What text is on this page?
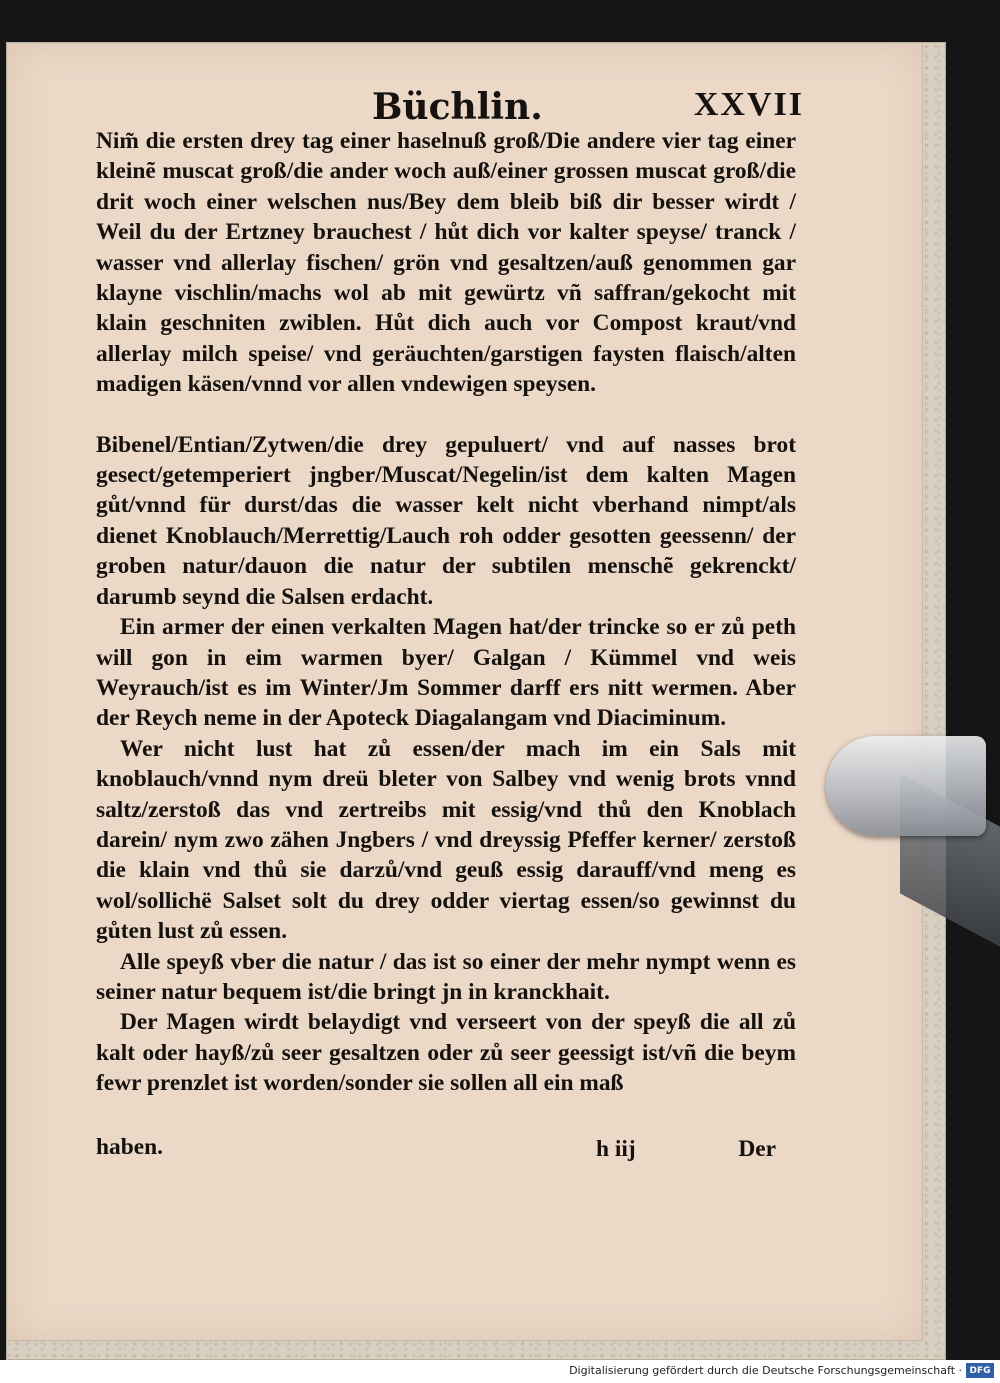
Büchlin.	XXVII

Nim̃ die ersten drey tag einer haselnuß groß/Die andere vier tag einer kleinẽ muscat groß/die ander woch auß/einer grossen muscat groß/die drit woch einer welschen nus/Bey dem bleib biß dir besser wirdt / Weil du der Ertzney brauchest / hůt dich vor kalter speyse/ tranck / wasser vnd allerlay fischen/ grön vnd gesaltzen/auß genommen gar klayne vischlin/machs wol ab mit gewürtz vñ saffran/gekocht mit klain geschniten zwiblen. Hůt dich auch vor Compost kraut/vnd allerlay milch speise/ vnd geräuchten/garstigen faysten flaisch/alten madigen käsen/vnnd vor allen vndewigen speysen.

Bibenel/Entian/Zytwen/die drey gepuluert/ vnd auf nasses brot gesect/getemperiert jngber/Muscat/Negelin/ist dem kalten Magen gůt/vnnd für durst/das die wasser kelt nicht vberhand nimpt/als dienet Knoblauch/Merrettig/Lauch roh odder gesotten geessenn/ der groben natur/dauon die natur der subtilen menschẽ gekrenckt/ darumb seynd die Salsen erdacht.

Ein armer der einen verkalten Magen hat/der trincke so er zů peth will gon in eim warmen byer/ Galgan / Kümmel vnd weis Weyrauch/ist es im Winter/Jm Sommer darff ers nitt wermen. Aber der Reych neme in der Apoteck Diagalangam vnd Diaciminum.

Wer nicht lust hat zů essen/der mach im ein Sals mit knoblauch/vnnd nym dreü bleter von Salbey vnd wenig brots vnnd saltz/zerstoß das vnd zertreibs mit essig/vnd thů den Knoblach darein/ nym zwo zähen Jngbers / vnd dreyssig Pfeffer kerner/ zerstoß die klain vnd thů sie darzů/vnd geuß essig darauff/vnd meng es wol/sollichë Salset solt du drey odder viertag essen/so gewinnst du gůten lust zů essen.

Alle speyß vber die natur / das ist so einer der mehr nympt wenn es seiner natur bequem ist/die bringt jn in kranckhait.

Der Magen wirdt belaydigt vnd verseert von der speyß die all zů kalt oder hayß/zů seer gesaltzen oder zů seer geessigt ist/vñ die beym fewr prenzlet ist worden/sonder sie sollen all ein maß

haben.	h iij	Der
Digitalisierung gefördert durch die Deutsche Forschungsgemeinschaft · DFG
